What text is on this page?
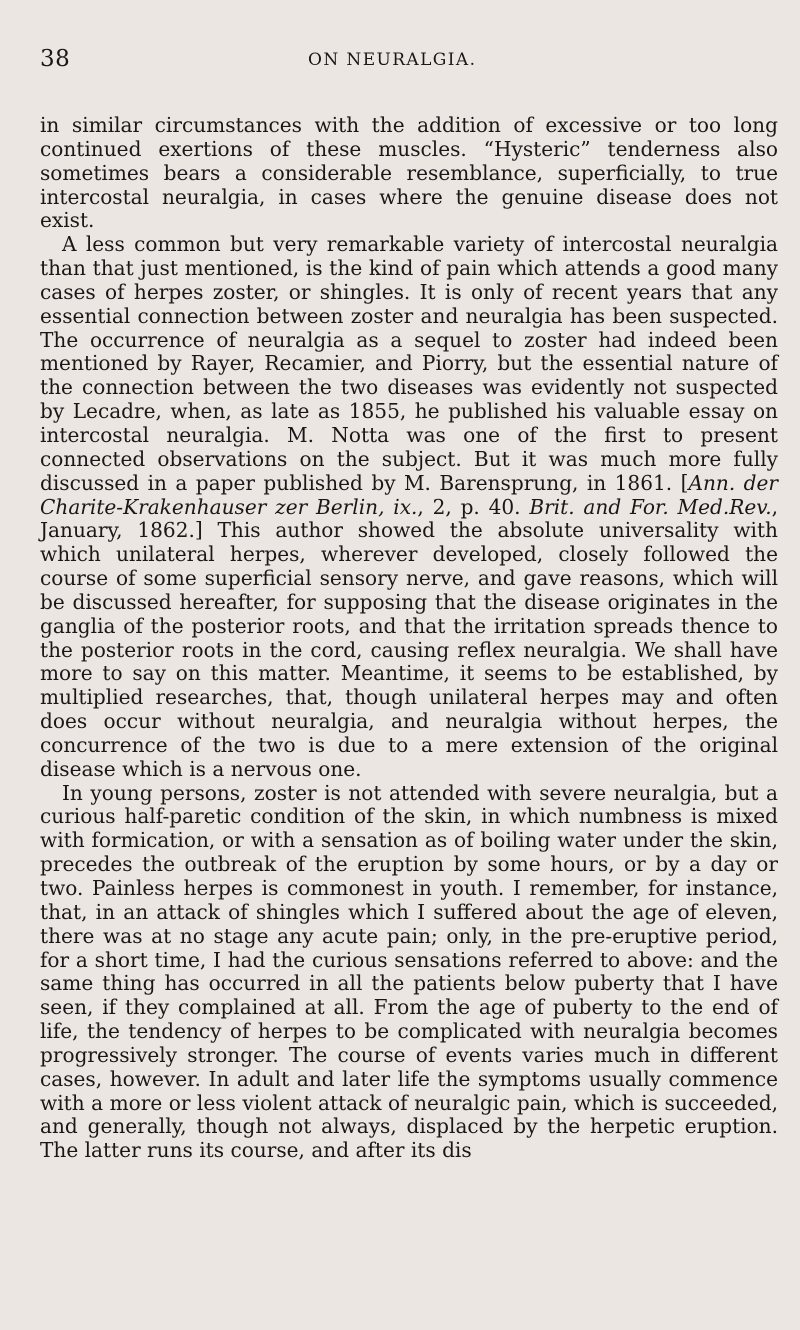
38	ON NEURALGIA.

in similar circumstances with the addition of excessive or too long continued exertions of these muscles. “Hysteric” tenderness also sometimes bears a considerable resemblance, superficially, to true intercostal neuralgia, in cases where the genuine disease does not exist.

A less common but very remarkable variety of intercostal neuralgia than that just mentioned, is the kind of pain which attends a good many cases of herpes zoster, or shingles. It is only of recent years that any essential connection between zoster and neuralgia has been suspected. The occurrence of neuralgia as a sequel to zoster had indeed been mentioned by Rayer, Recamier, and Piorry, but the essential nature of the connection between the two diseases was evidently not suspected by Lecadre, when, as late as 1855, he published his valuable essay on intercostal neuralgia. M. Notta was one of the first to present connected observations on the subject. But it was much more fully discussed in a paper published by M. Barensprung, in 1861. [Ann. der Charite-Krakenhauser zer Berlin, ix., 2, p. 40. Brit. and For. Med.Rev., January, 1862.] This author showed the absolute universality with which unilateral herpes, wherever developed, closely followed the course of some superficial sensory nerve, and gave reasons, which will be discussed hereafter, for supposing that the disease originates in the ganglia of the posterior roots, and that the irritation spreads thence to the posterior roots in the cord, causing reflex neuralgia. We shall have more to say on this matter. Meantime, it seems to be established, by multiplied researches, that, though unilateral herpes may and often does occur without neuralgia, and neuralgia without herpes, the concurrence of the two is due to a mere extension of the original disease which is a nervous one.

In young persons, zoster is not attended with severe neuralgia, but a curious half-paretic condition of the skin, in which numbness is mixed with formication, or with a sensation as of boiling water under the skin, precedes the outbreak of the eruption by some hours, or by a day or two. Painless herpes is commonest in youth. I remember, for instance, that, in an attack of shingles which I suffered about the age of eleven, there was at no stage any acute pain; only, in the pre-eruptive period, for a short time, I had the curious sensations referred to above: and the same thing has occurred in all the patients below puberty that I have seen, if they complained at all. From the age of puberty to the end of life, the tendency of herpes to be complicated with neuralgia becomes progressively stronger. The course of events varies much in different cases, however. In adult and later life the symptoms usually commence with a more or less violent attack of neuralgic pain, which is succeeded, and generally, though not always, displaced by the herpetic eruption. The latter runs its course, and after its dis
